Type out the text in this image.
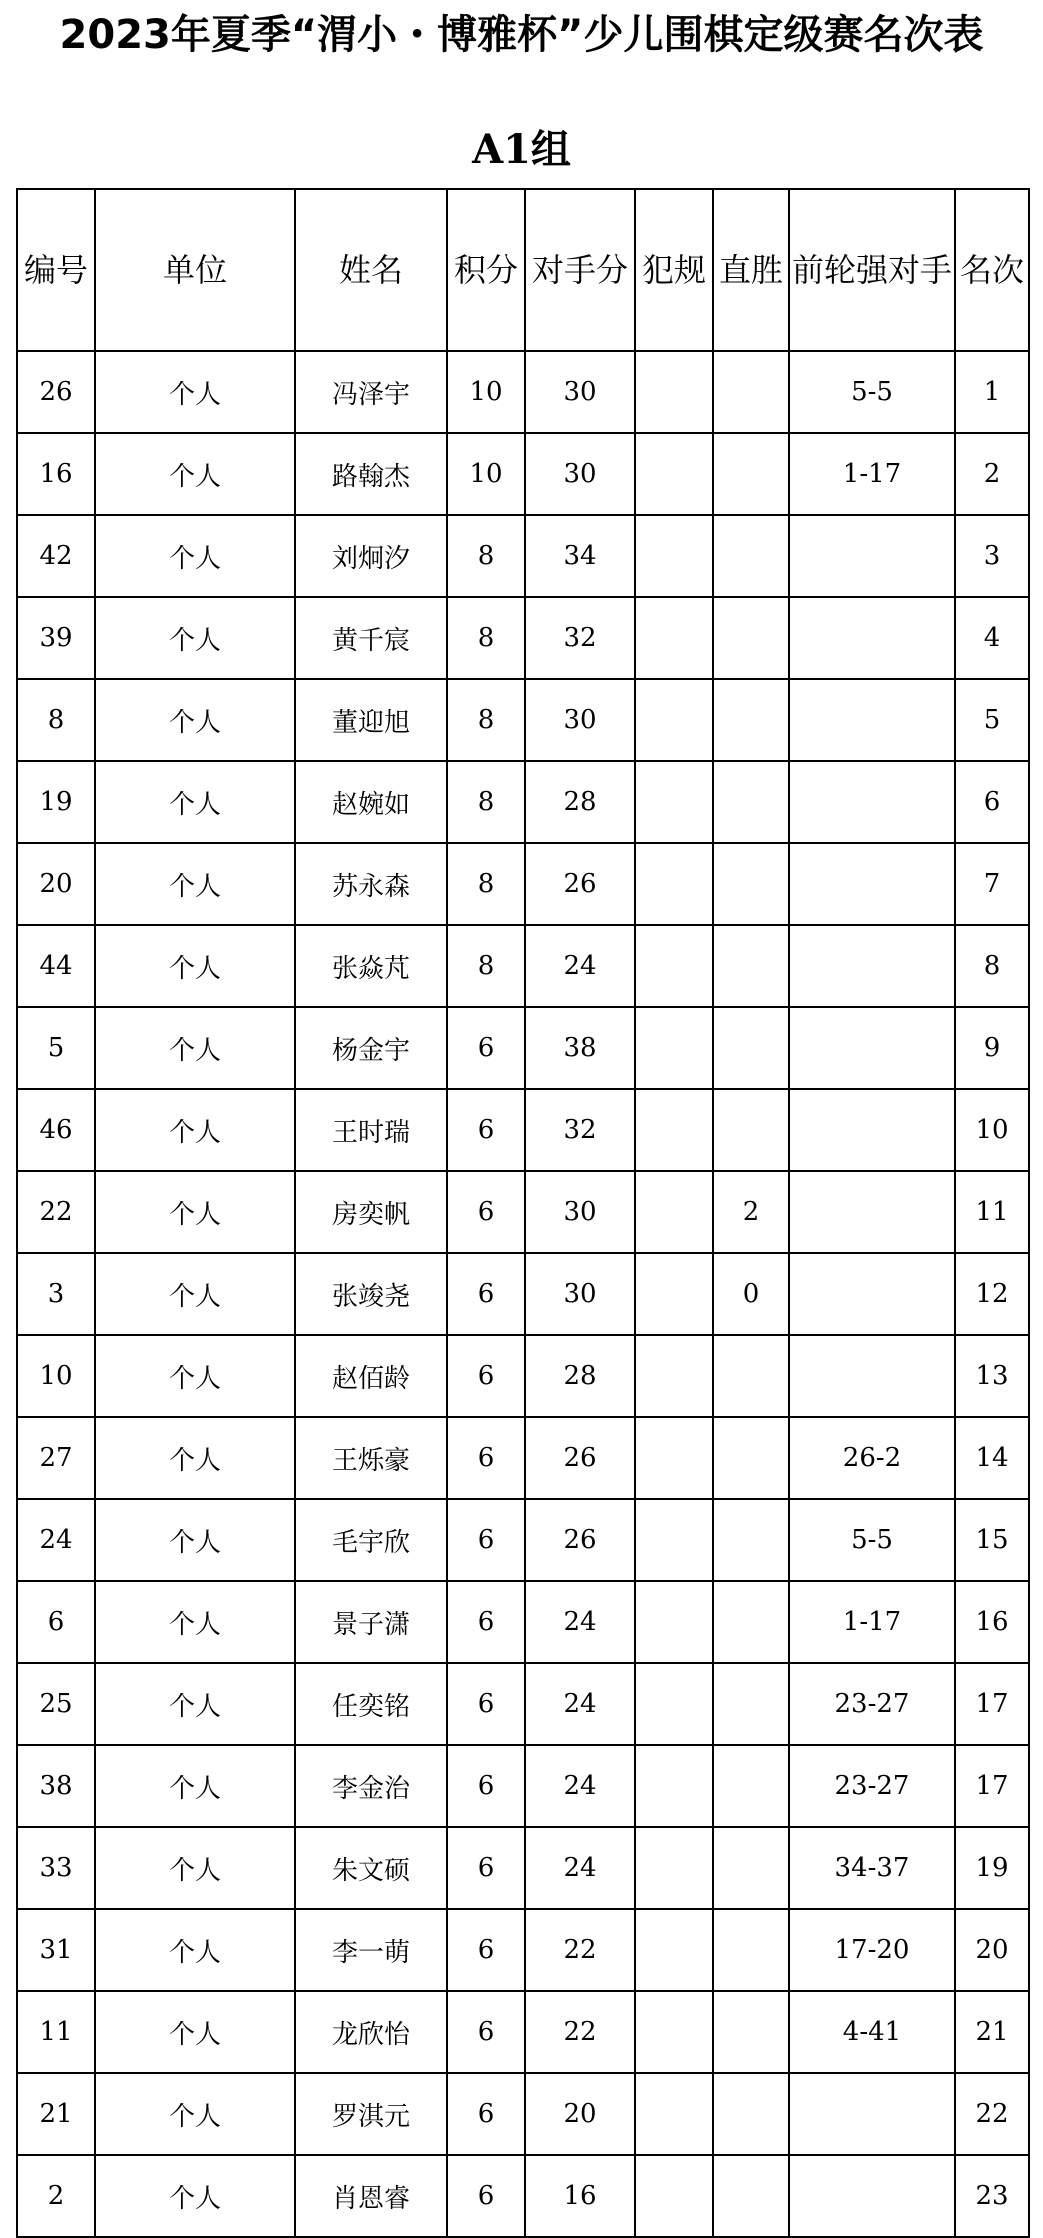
2023年夏季“渭小・博雅杯”少儿围棋定级赛名次表
A1组
编号	单位	姓名	积分	对手分	犯规	直胜	前轮强对手	名次
26	个人	冯泽宇	10	30			5-5	1
16	个人	路翰杰	10	30			1-17	2
42	个人	刘炯汐	8	34				3
39	个人	黄千宸	8	32				4
8	个人	董迎旭	8	30				5
19	个人	赵婉如	8	28				6
20	个人	苏永森	8	26				7
44	个人	张焱芃	8	24				8
5	个人	杨金宇	6	38				9
46	个人	王时瑞	6	32				10
22	个人	房奕帆	6	30		2		11
3	个人	张竣尧	6	30		0		12
10	个人	赵佰龄	6	28				13
27	个人	王烁豪	6	26			26-2	14
24	个人	毛宇欣	6	26			5-5	15
6	个人	景子潇	6	24			1-17	16
25	个人	任奕铭	6	24			23-27	17
38	个人	李金治	6	24			23-27	17
33	个人	朱文硕	6	24			34-37	19
31	个人	李一萌	6	22			17-20	20
11	个人	龙欣怡	6	22			4-41	21
21	个人	罗淇元	6	20				22
2	个人	肖恩睿	6	16				23
